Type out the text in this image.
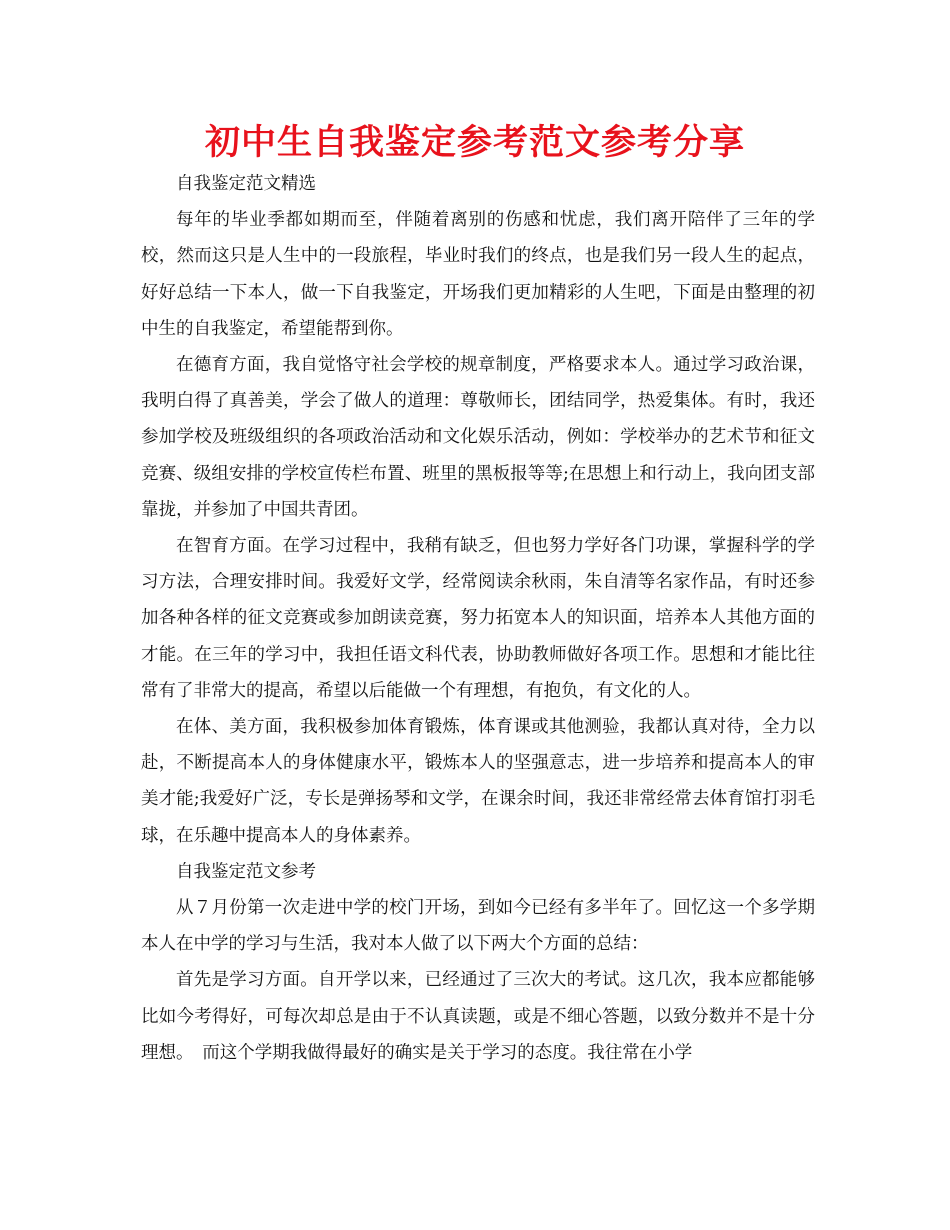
初中生自我鉴定参考范文参考分享

自我鉴定范文精选

每年的毕业季都如期而至，伴随着离别的伤感和忧虑，我们离开陪伴了三年的学校，然而这只是人生中的一段旅程，毕业时我们的终点，也是我们另一段人生的起点，好好总结一下本人，做一下自我鉴定，开场我们更加精彩的人生吧，下面是由整理的初中生的自我鉴定，希望能帮到你。

在德育方面，我自觉恪守社会学校的规章制度，严格要求本人。通过学习政治课，我明白得了真善美，学会了做人的道理：尊敬师长，团结同学，热爱集体。有时，我还参加学校及班级组织的各项政治活动和文化娱乐活动，例如：学校举办的艺术节和征文竞赛、级组安排的学校宣传栏布置、班里的黑板报等等;在思想上和行动上，我向团支部靠拢，并参加了中国共青团。

在智育方面。在学习过程中，我稍有缺乏，但也努力学好各门功课，掌握科学的学习方法，合理安排时间。我爱好文学，经常阅读余秋雨，朱自清等名家作品，有时还参加各种各样的征文竞赛或参加朗读竞赛，努力拓宽本人的知识面，培养本人其他方面的才能。在三年的学习中，我担任语文科代表，协助教师做好各项工作。思想和才能比往常有了非常大的提高，希望以后能做一个有理想，有抱负，有文化的人。

在体、美方面，我积极参加体育锻炼，体育课或其他测验，我都认真对待，全力以赴，不断提高本人的身体健康水平，锻炼本人的坚强意志，进一步培养和提高本人的审美才能;我爱好广泛，专长是弹扬琴和文学，在课余时间，我还非常经常去体育馆打羽毛球，在乐趣中提高本人的身体素养。

自我鉴定范文参考

从７月份第一次走进中学的校门开场，到如今已经有多半年了。回忆这一个多学期本人在中学的学习与生活，我对本人做了以下两大个方面的总结：

首先是学习方面。自开学以来，已经通过了三次大的考试。这几次，我本应都能够比如今考得好，可每次却总是由于不认真读题，或是不细心答题，以致分数并不是十分理想。　而这个学期我做得最好的确实是关于学习的态度。我往常在小学
